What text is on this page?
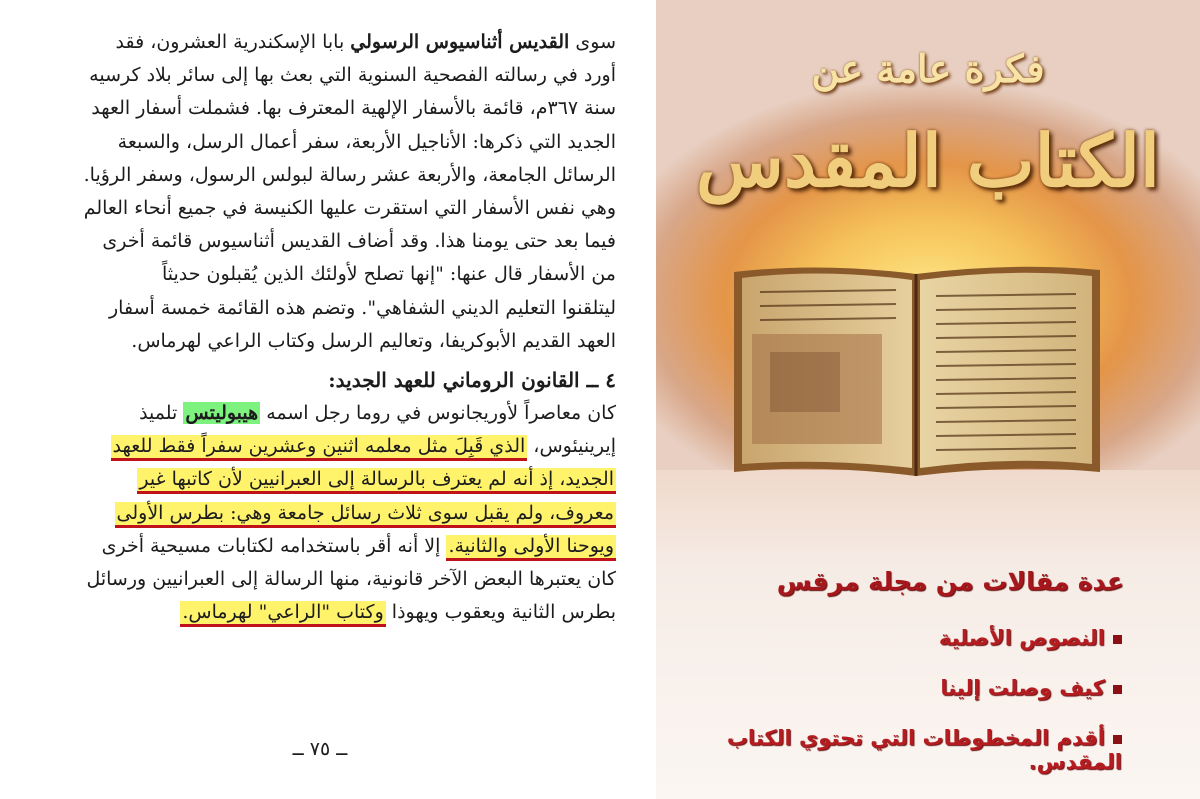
سوى القديس أثناسيوس الرسولي بابا الإسكندرية العشرون، فقد
أورد في رسالته الفصحية السنوية التي بعث بها إلى سائر بلاد كرسيه
سنة ٣٦٧م، قائمة بالأسفار الإلهية المعترف بها. فشملت أسفار العهد
الجديد التي ذكرها: الأناجيل الأربعة، سفر أعمال الرسل، والسبعة
الرسائل الجامعة، والأربعة عشر رسالة لبولس الرسول، وسفر الرؤيا.
وهي نفس الأسفار التي استقرت عليها الكنيسة في جميع أنحاء العالم
فيما بعد حتى يومنا هذا. وقد أضاف القديس أثناسيوس قائمة أخرى
من الأسفار قال عنها: "إنها تصلح لأولئك الذين يُقبلون حديثاً
ليتلقنوا التعليم الديني الشفاهي". وتضم هذه القائمة خمسة أسفار
العهد القديم الأبوكريفا، وتعاليم الرسل وكتاب الراعي لهرماس.
٤ ــ القانون الروماني للعهد الجديد:
كان معاصراً لأوريجانوس في روما رجل اسمه هيبوليتس تلميذ
إيرينيئوس، الذي قَبِلَ مثل معلمه اثنين وعشرين سفراً فقط للعهد
الجديد، إذ أنه لم يعترف بالرسالة إلى العبرانيين لأن كاتبها غير
معروف، ولم يقبل سوى ثلاث رسائل جامعة وهي: بطرس الأولى
ويوحنا الأولى والثانية. إلا أنه أقر باستخدامه لكتابات مسيحية أخرى
كان يعتبرها البعض الآخر قانونية، منها الرسالة إلى العبرانيين ورسائل
بطرس الثانية ويعقوب ويهوذا وكتاب "الراعي" لهرماس.
ــ ٧٥ ــ
فكرة عامة عن
الكتاب المقدس
عدة مقالات من مجلة مرقس
النصوص الأصلية
كيف وصلت إلينا
أقدم المخطوطات التي تحتوي الكتاب المقدس.
